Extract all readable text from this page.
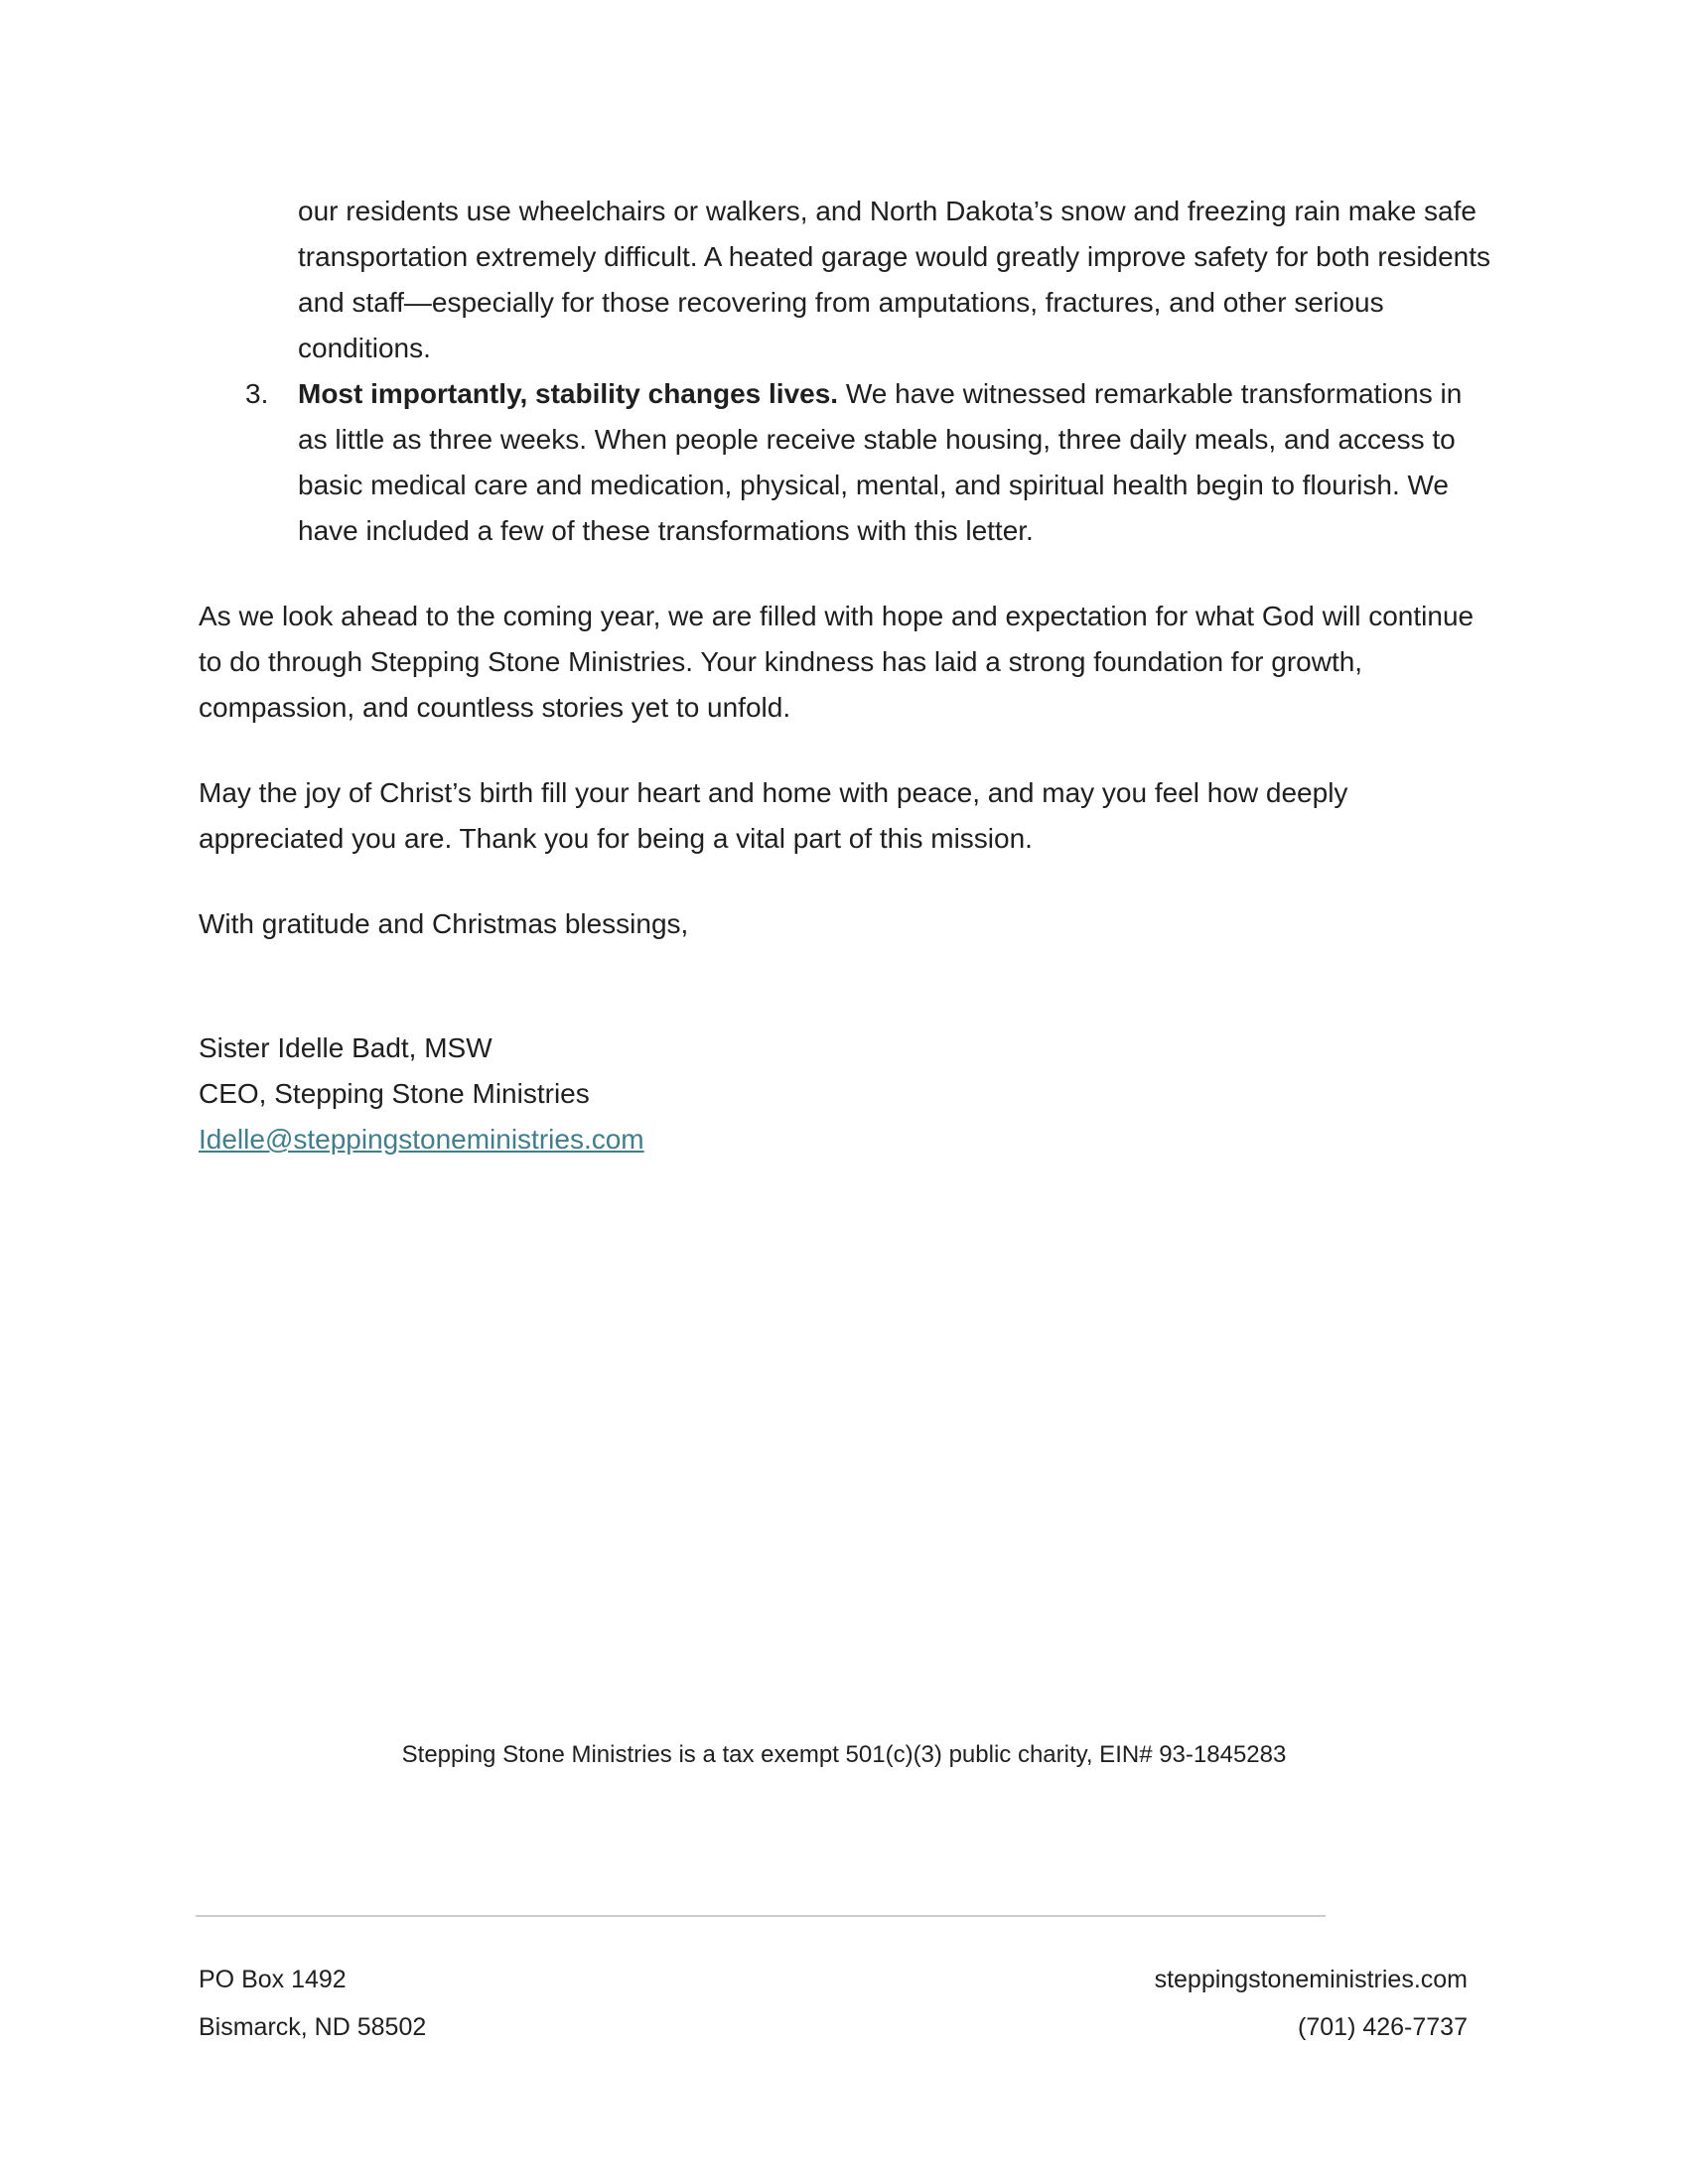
our residents use wheelchairs or walkers, and North Dakota’s snow and freezing rain make safe transportation extremely difficult. A heated garage would greatly improve safety for both residents and staff—especially for those recovering from amputations, fractures, and other serious conditions.
3. Most importantly, stability changes lives. We have witnessed remarkable transformations in as little as three weeks. When people receive stable housing, three daily meals, and access to basic medical care and medication, physical, mental, and spiritual health begin to flourish. We have included a few of these transformations with this letter.

As we look ahead to the coming year, we are filled with hope and expectation for what God will continue to do through Stepping Stone Ministries. Your kindness has laid a strong foundation for growth, compassion, and countless stories yet to unfold.

May the joy of Christ’s birth fill your heart and home with peace, and may you feel how deeply appreciated you are. Thank you for being a vital part of this mission.

With gratitude and Christmas blessings,

Sister Idelle Badt, MSW
CEO, Stepping Stone Ministries
Idelle@steppingstoneministries.com
Stepping Stone Ministries is a tax exempt 501(c)(3) public charity, EIN# 93-1845283
PO Box 1492
Bismarck, ND 58502
steppingstoneministries.com
(701) 426-7737
